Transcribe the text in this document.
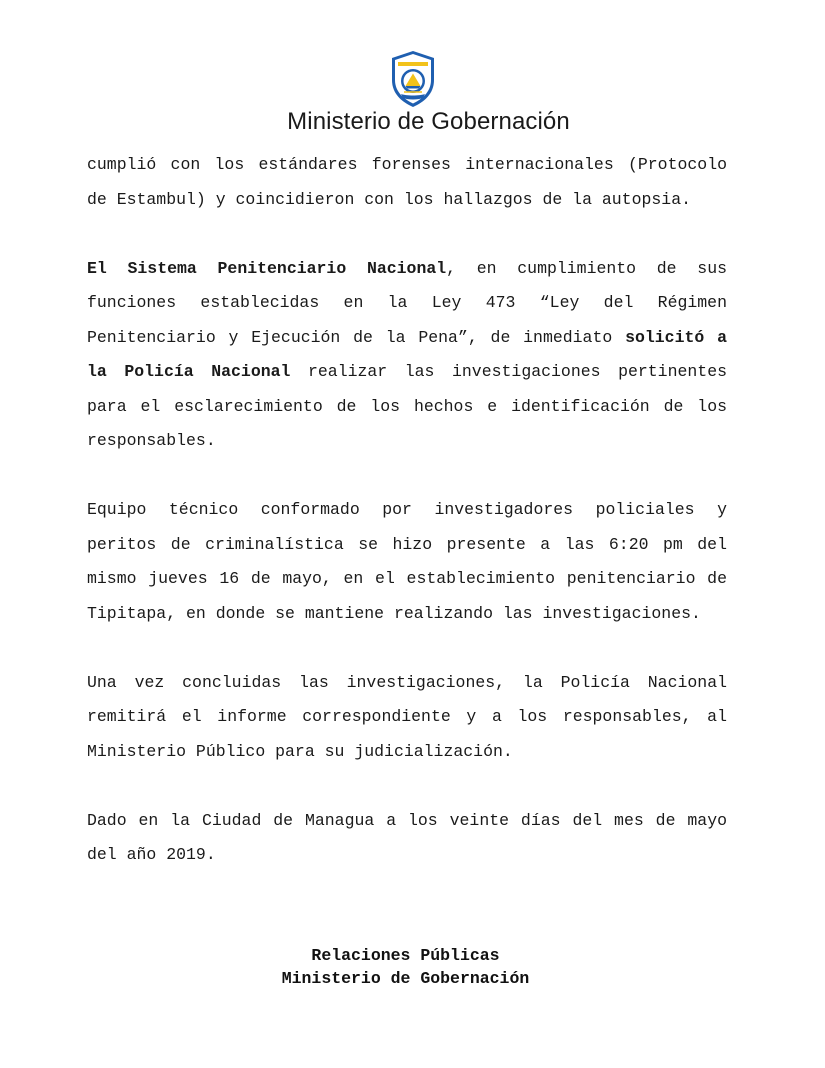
Ministerio de Gobernación

cumplió con los estándares forenses internacionales (Protocolo de Estambul) y coincidieron con los hallazgos de la autopsia.

El Sistema Penitenciario Nacional, en cumplimiento de sus funciones establecidas en la Ley 473 “Ley del Régimen Penitenciario y Ejecución de la Pena”, de inmediato solicitó a la Policía Nacional realizar las investigaciones pertinentes para el esclarecimiento de los hechos e identificación de los responsables.

Equipo técnico conformado por investigadores policiales y peritos de criminalística se hizo presente a las 6:20 pm del mismo jueves 16 de mayo, en el establecimiento penitenciario de Tipitapa, en donde se mantiene realizando las investigaciones.

Una vez concluidas las investigaciones, la Policía Nacional remitirá el informe correspondiente y a los responsables, al Ministerio Público para su judicialización.

Dado en la Ciudad de Managua a los veinte días del mes de mayo del año 2019.

Relaciones Públicas
Ministerio de Gobernación
